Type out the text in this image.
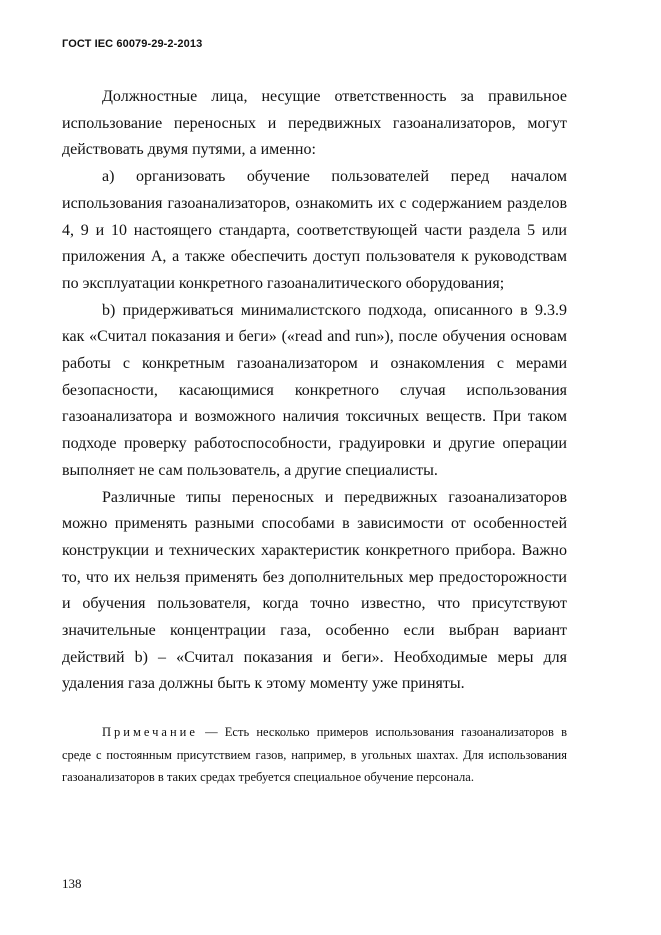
ГОСТ IEC 60079-29-2-2013

Должностные лица, несущие ответственность за правильное использование переносных и передвижных газоанализаторов, могут действовать двумя путями, а именно:

а) организовать обучение пользователей перед началом использования газоанализаторов, ознакомить их с содержанием разделов 4, 9 и 10 настоящего стандарта, соответствующей части раздела 5 или приложения А, а также обеспечить доступ пользователя к руководствам по эксплуатации конкретного газоаналитического оборудования;

b) придерживаться минималистского подхода, описанного в 9.3.9 как «Считал показания и беги» («read and run»), после обучения основам работы с конкретным газоанализатором и ознакомления с мерами безопасности, касающимися конкретного случая использования газоанализатора и возможного наличия токсичных веществ. При таком подходе проверку работоспособности, градуировки и другие операции выполняет не сам пользователь, а другие специалисты.

Различные типы переносных и передвижных газоанализаторов можно применять разными способами в зависимости от особенностей конструкции и технических характеристик конкретного прибора. Важно то, что их нельзя применять без дополнительных мер предосторожности и обучения пользователя, когда точно известно, что присутствуют значительные концентрации газа, особенно если выбран вариант действий b) – «Считал показания и беги». Необходимые меры для удаления газа должны быть к этому моменту уже приняты.

Примечание — Есть несколько примеров использования газоанализаторов в среде с постоянным присутствием газов, например, в угольных шахтах. Для использования газоанализаторов в таких средах требуется специальное обучение персонала.

138
